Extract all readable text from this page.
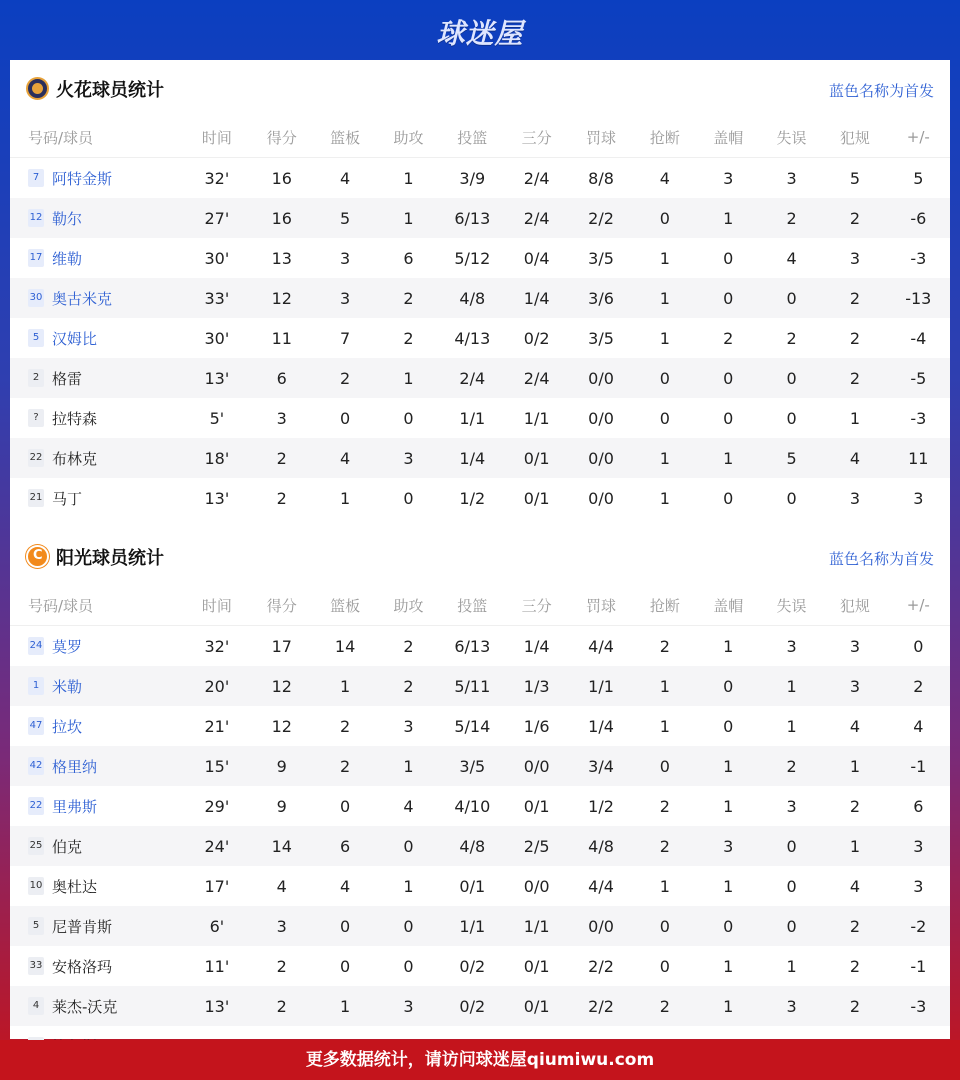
球迷屋
火花球员统计	蓝色名称为首发
号码/球员	时间	得分	篮板	助攻	投篮	三分	罚球	抢断	盖帽	失误	犯规	+/-
7 阿特金斯	32'	16	4	1	3/9	2/4	8/8	4	3	3	5	5
12 勒尔	27'	16	5	1	6/13	2/4	2/2	0	1	2	2	-6
17 维勒	30'	13	3	6	5/12	0/4	3/5	1	0	4	3	-3
30 奥古米克	33'	12	3	2	4/8	1/4	3/6	1	0	0	2	-13
5 汉姆比	30'	11	7	2	4/13	0/2	3/5	1	2	2	2	-4
2 格雷	13'	6	2	1	2/4	2/4	0/0	0	0	0	2	-5
? 拉特森	5'	3	0	0	1/1	1/1	0/0	0	0	0	1	-3
22 布林克	18'	2	4	3	1/4	0/1	0/0	1	1	5	4	11
21 马丁	13'	2	1	0	1/2	0/1	0/0	1	0	0	3	3
C
阳光球员统计	蓝色名称为首发
号码/球员	时间	得分	篮板	助攻	投篮	三分	罚球	抢断	盖帽	失误	犯规	+/-
24 莫罗	32'	17	14	2	6/13	1/4	4/4	2	1	3	3	0
1 米勒	20'	12	1	2	5/11	1/3	1/1	1	0	1	3	2
47 拉坎	21'	12	2	3	5/14	1/6	1/4	1	0	1	4	4
42 格里纳	15'	9	2	1	3/5	0/0	3/4	0	1	2	1	-1
22 里弗斯	29'	9	0	4	4/10	0/1	1/2	2	1	3	2	6
25 伯克	24'	14	6	0	4/8	2/5	4/8	2	3	0	1	3
10 奥杜达	17'	4	4	1	0/1	0/0	4/4	1	1	0	4	3
5 尼普肯斯	6'	3	0	0	1/1	1/1	0/0	0	0	0	2	-2
33 安格洛玛	11'	2	0	0	0/2	0/1	2/2	0	1	1	2	-1
4 莱杰-沃克	13'	2	1	3	0/2	0/1	2/2	2	1	3	2	-3

更多数据统计，请访问球迷屋qiumiwu.com
